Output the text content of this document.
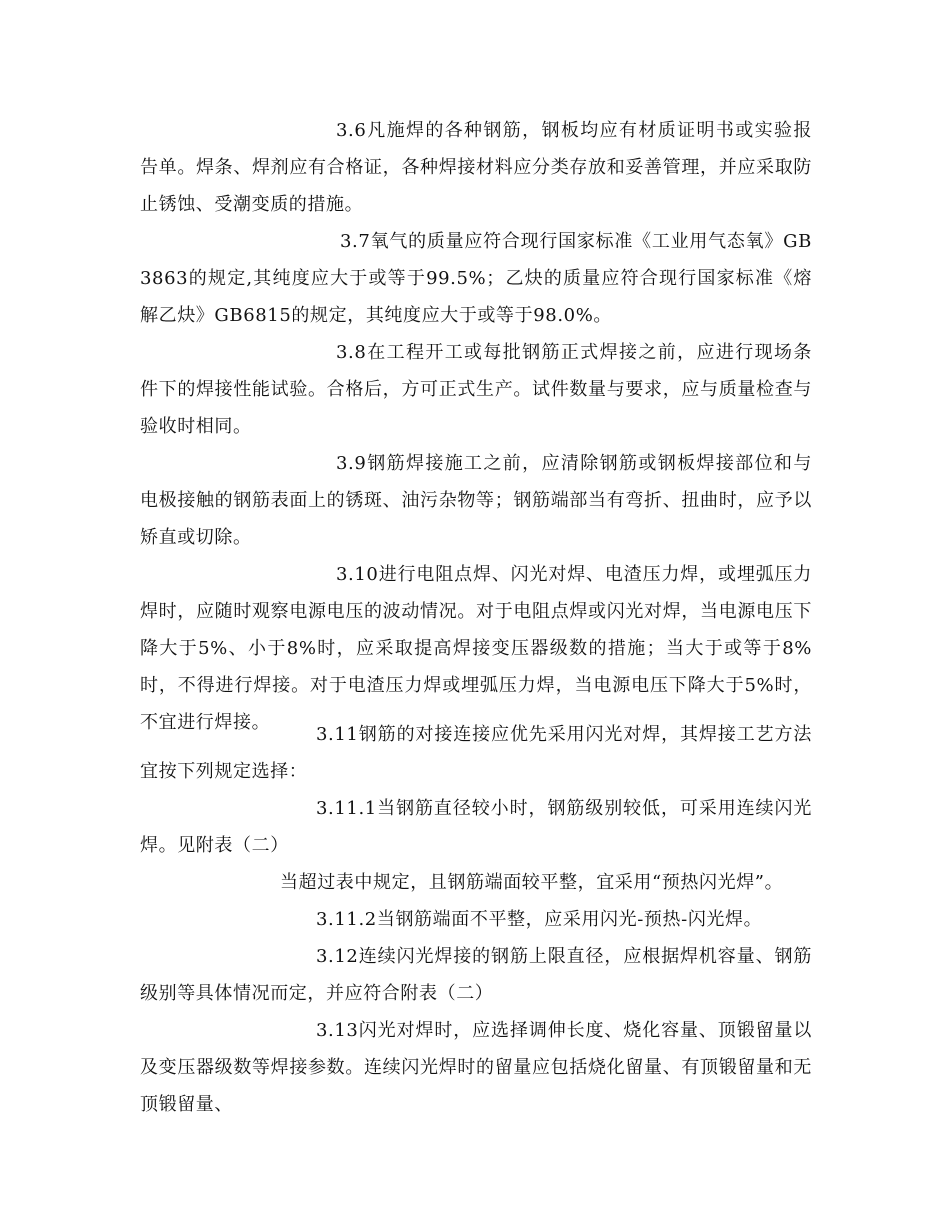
3.6凡施焊的各种钢筋，钢板均应有材质证明书或实验报告单。焊条、焊剂应有合格证，各种焊接材料应分类存放和妥善管理，并应采取防止锈蚀、受潮变质的措施。

3.7氧气的质量应符合现行国家标准《工业用气态氧》GB3863的规定,其纯度应大于或等于99.5%；乙炔的质量应符合现行国家标准《熔解乙炔》GB6815的规定，其纯度应大于或等于98.0%。

3.8在工程开工或每批钢筋正式焊接之前，应进行现场条件下的焊接性能试验。合格后，方可正式生产。试件数量与要求，应与质量检查与验收时相同。

3.9钢筋焊接施工之前，应清除钢筋或钢板焊接部位和与电极接触的钢筋表面上的锈斑、油污杂物等；钢筋端部当有弯折、扭曲时，应予以矫直或切除。

3.10进行电阻点焊、闪光对焊、电渣压力焊，或埋弧压力焊时，应随时观察电源电压的波动情况。对于电阻点焊或闪光对焊，当电源电压下降大于5%、小于8%时，应采取提高焊接变压器级数的措施；当大于或等于8%时，不得进行焊接。对于电渣压力焊或埋弧压力焊，当电源电压下降大于5%时，不宜进行焊接。

3.11钢筋的对接连接应优先采用闪光对焊，其焊接工艺方法宜按下列规定选择：

3.11.1当钢筋直径较小时，钢筋级别较低，可采用连续闪光焊。见附表（二）

当超过表中规定，且钢筋端面较平整，宜采用“预热闪光焊”。

3.11.2当钢筋端面不平整，应采用闪光-预热-闪光焊。

3.12连续闪光焊接的钢筋上限直径，应根据焊机容量、钢筋级别等具体情况而定，并应符合附表（二）

3.13闪光对焊时，应选择调伸长度、烧化容量、顶锻留量以及变压器级数等焊接参数。连续闪光焊时的留量应包括烧化留量、有顶锻留量和无顶锻留量、
